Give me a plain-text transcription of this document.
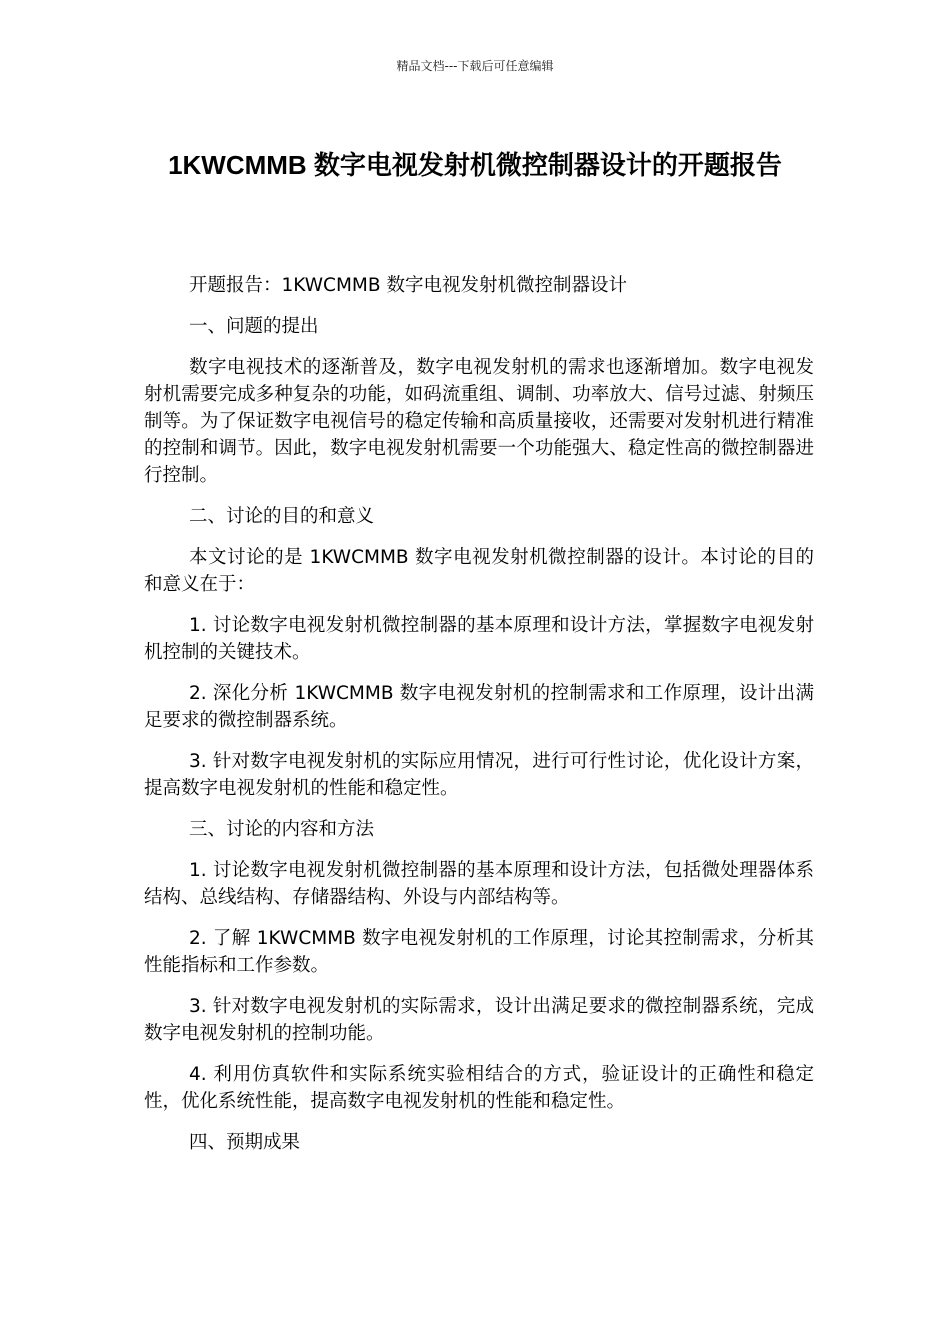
精品文档---下载后可任意编辑
1KWCMMB 数字电视发射机微控制器设计的开题报告

开题报告：1KWCMMB 数字电视发射机微控制器设计

一、问题的提出

数字电视技术的逐渐普及，数字电视发射机的需求也逐渐增加。数字电视发射机需要完成多种复杂的功能，如码流重组、调制、功率放大、信号过滤、射频压制等。为了保证数字电视信号的稳定传输和高质量接收，还需要对发射机进行精准的控制和调节。因此，数字电视发射机需要一个功能强大、稳定性高的微控制器进行控制。

二、讨论的目的和意义

本文讨论的是 1KWCMMB 数字电视发射机微控制器的设计。本讨论的目的和意义在于：

1. 讨论数字电视发射机微控制器的基本原理和设计方法，掌握数字电视发射机控制的关键技术。

2. 深化分析 1KWCMMB 数字电视发射机的控制需求和工作原理，设计出满足要求的微控制器系统。

3. 针对数字电视发射机的实际应用情况，进行可行性讨论，优化设计方案，提高数字电视发射机的性能和稳定性。

三、讨论的内容和方法

1. 讨论数字电视发射机微控制器的基本原理和设计方法，包括微处理器体系结构、总线结构、存储器结构、外设与内部结构等。

2. 了解 1KWCMMB 数字电视发射机的工作原理，讨论其控制需求，分析其性能指标和工作参数。

3. 针对数字电视发射机的实际需求，设计出满足要求的微控制器系统，完成数字电视发射机的控制功能。

4. 利用仿真软件和实际系统实验相结合的方式，验证设计的正确性和稳定性，优化系统性能，提高数字电视发射机的性能和稳定性。

四、预期成果
